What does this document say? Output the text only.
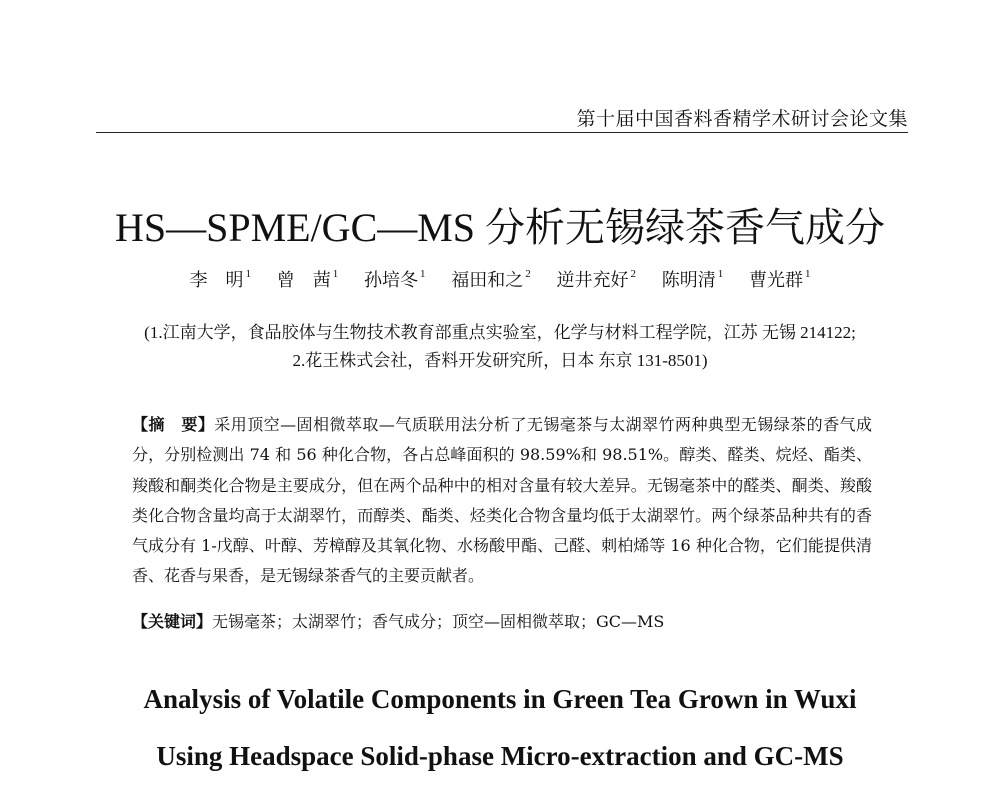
第十届中国香料香精学术研讨会论文集
HS—SPME/GC—MS 分析无锡绿茶香气成分
李　明 $^1$ 曾　茜 $^1$ 孙培冬 $^1$ 福田和之 $^2$ 逆井充好 $^2$ 陈明清 $^1$ 曹光群 $^1$
(1.江南大学，食品胶体与生物技术教育部重点实验室，化学与材料工程学院，江苏 无锡 214122;
2.花王株式会社，香料开发研究所，日本 东京 131-8501)
【摘　要】采用顶空—固相微萃取—气质联用法分析了无锡毫茶与太湖翠竹两种典型无锡绿茶的香气成分，分别检测出 74 和 56 种化合物，各占总峰面积的 98.59%和 98.51%。醇类、醛类、烷烃、酯类、羧酸和酮类化合物是主要成分，但在两个品种中的相对含量有较大差异。无锡毫茶中的醛类、酮类、羧酸类化合物含量均高于太湖翠竹，而醇类、酯类、烃类化合物含量均低于太湖翠竹。两个绿茶品种共有的香气成分有 1-戊醇、叶醇、芳樟醇及其氧化物、水杨酸甲酯、己醛、刺柏烯等 16 种化合物，它们能提供清香、花香与果香，是无锡绿茶香气的主要贡献者。
【关键词】无锡毫茶；太湖翠竹；香气成分；顶空—固相微萃取；GC—MS
Analysis of Volatile Components in Green Tea Grown in Wuxi
Using Headspace Solid-phase Micro-extraction and GC-MS
